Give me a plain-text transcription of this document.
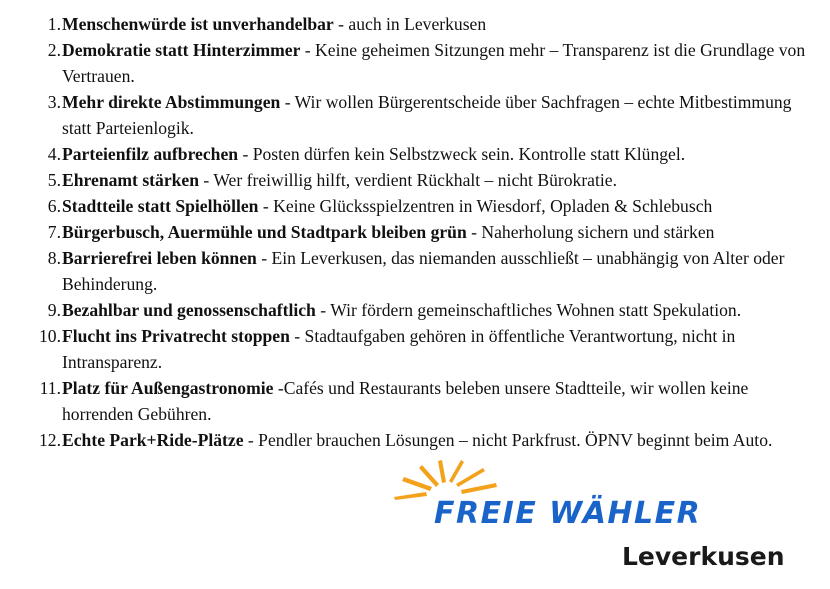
1. Menschenwürde ist unverhandelbar - auch in Leverkusen
2. Demokratie statt Hinterzimmer - Keine geheimen Sitzungen mehr – Transparenz ist die Grundlage von Vertrauen.
3. Mehr direkte Abstimmungen - Wir wollen Bürgerentscheide über Sachfragen – echte Mitbestimmung statt Parteienlogik.
4. Parteienfilz aufbrechen - Posten dürfen kein Selbstzweck sein. Kontrolle statt Klüngel.
5. Ehrenamt stärken - Wer freiwillig hilft, verdient Rückhalt – nicht Bürokratie.
6. Stadtteile statt Spielhöllen - Keine Glücksspielzentren in Wiesdorf, Opladen & Schlebusch
7. Bürgerbusch, Auermühle und Stadtpark bleiben grün - Naherholung sichern und stärken
8. Barrierefrei leben können - Ein Leverkusen, das niemanden ausschließt – unabhängig von Alter oder Behinderung.
9. Bezahlbar und genossenschaftlich - Wir fördern gemeinschaftliches Wohnen statt Spekulation.
10. Flucht ins Privatrecht stoppen - Stadtaufgaben gehören in öffentliche Verantwortung, nicht in Intransparenz.
11. Platz für Außengastronomie -Cafés und Restaurants beleben unsere Stadtteile, wir wollen keine horrenden Gebühren.
12. Echte Park+Ride-Plätze - Pendler brauchen Lösungen – nicht Parkfrust. ÖPNV beginnt beim Auto.
FREIE WÄHLER
Leverkusen
